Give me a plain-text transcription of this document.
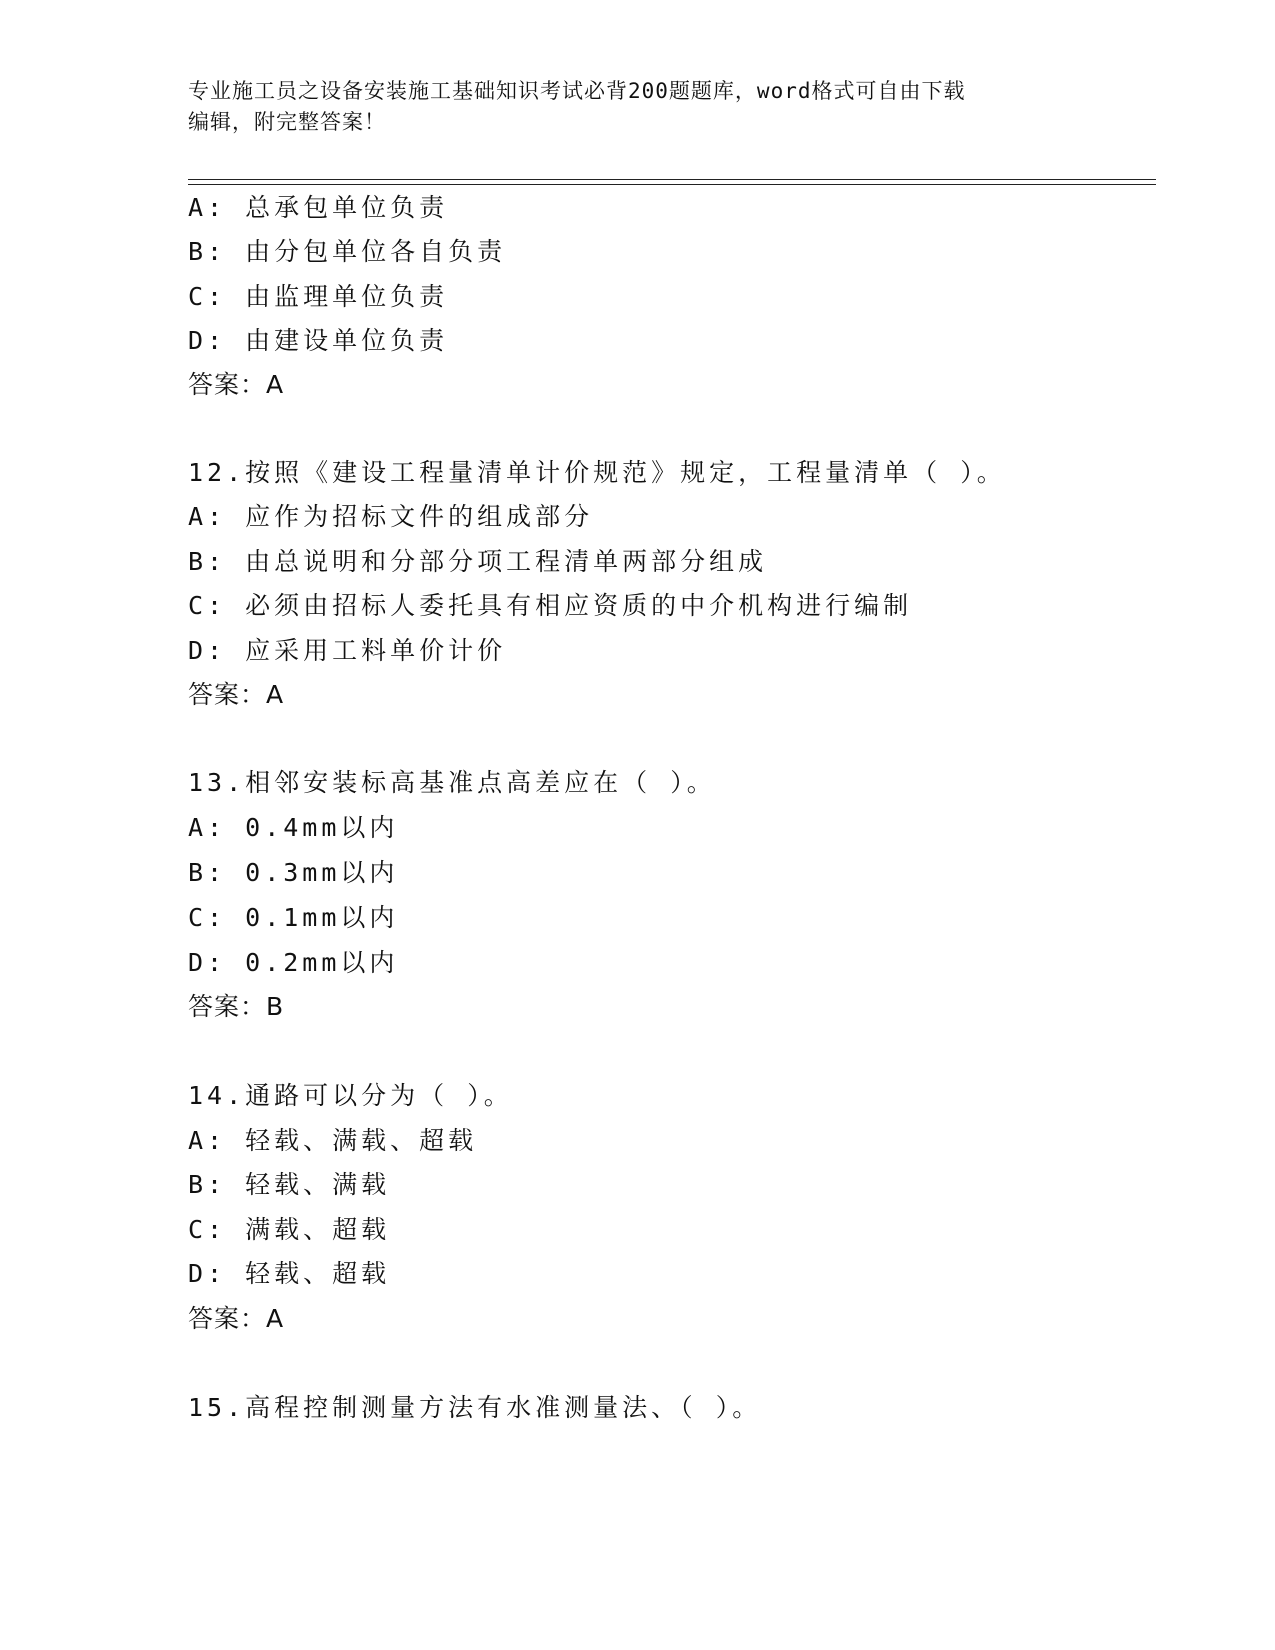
专业施工员之设备安装施工基础知识考试必背200题题库，word格式可自由下载
编辑，附完整答案！
A: 总承包单位负责
B: 由分包单位各自负责
C: 由监理单位负责
D: 由建设单位负责
答案：A
12.按照《建设工程量清单计价规范》规定，工程量清单（ ）。
A: 应作为招标文件的组成部分
B: 由总说明和分部分项工程清单两部分组成
C: 必须由招标人委托具有相应资质的中介机构进行编制
D: 应采用工料单价计价
答案：A
13.相邻安装标高基准点高差应在（ ）。
A: 0.4mm以内
B: 0.3mm以内
C: 0.1mm以内
D: 0.2mm以内
答案：B
14.通路可以分为（ ）。
A: 轻载、满载、超载
B: 轻载、满载
C: 满载、超载
D: 轻载、超载
答案：A
15.高程控制测量方法有水准测量法、（ ）。
